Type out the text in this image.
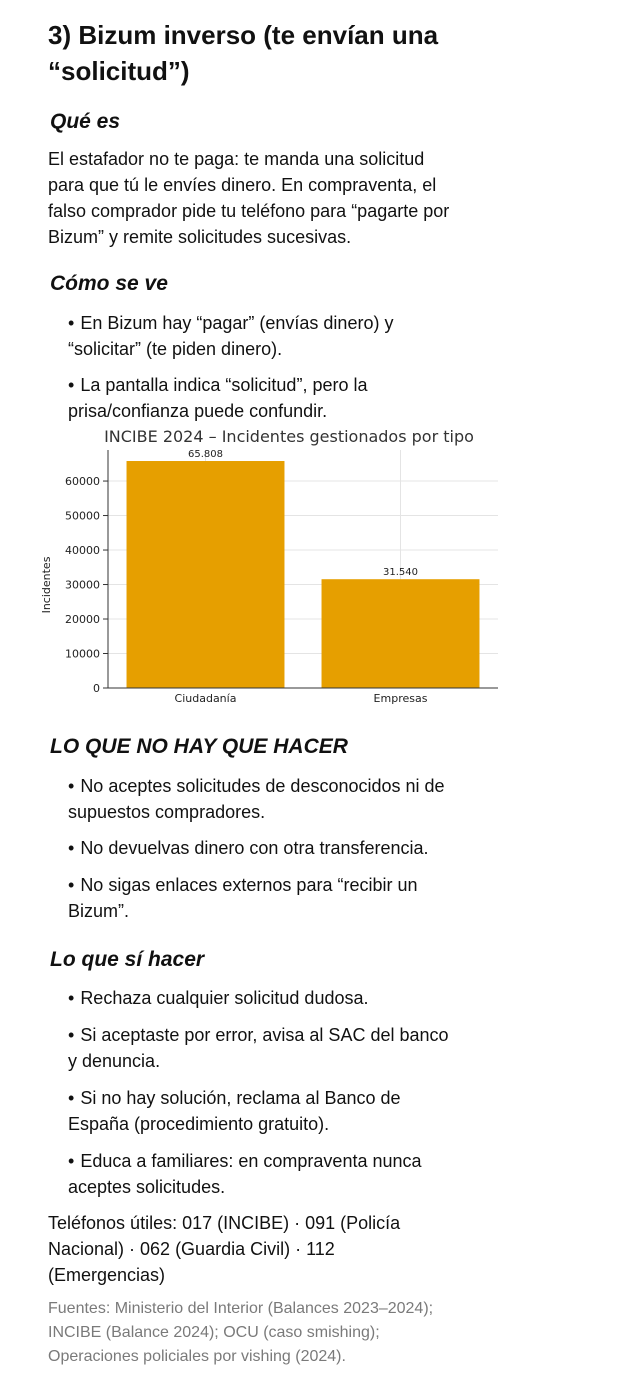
3) Bizum inverso (te envían una
“solicitud”)
Qué es

El estafador no te paga: te manda una solicitud
para que tú le envíes dinero. En compraventa, el
falso comprador pide tu teléfono para “pagarte por
Bizum” y remite solicitudes sucesivas.

Cómo se ve

• En Bizum hay “pagar” (envías dinero) y
“solicitar” (te piden dinero).

• La pantalla indica “solicitud”, pero la
prisa/confianza puede confundir.

INCIBE 2024 – Incidentes gestionados por tipo
0
10000
20000
30000
40000
50000
60000
65.808
Ciudadanía
31.540
Empresas
Incidentes
LO QUE NO HAY QUE HACER

• No aceptes solicitudes de desconocidos ni de
supuestos compradores.

• No devuelvas dinero con otra transferencia.

• No sigas enlaces externos para “recibir un
Bizum”.

Lo que sí hacer

• Rechaza cualquier solicitud dudosa.

• Si aceptaste por error, avisa al SAC del banco
y denuncia.

• Si no hay solución, reclama al Banco de
España (procedimiento gratuito).

• Educa a familiares: en compraventa nunca
aceptes solicitudes.

Teléfonos útiles: 017 (INCIBE) · 091 (Policía
Nacional) · 062 (Guardia Civil) · 112
(Emergencias)

Fuentes: Ministerio del Interior (Balances 2023–2024);
INCIBE (Balance 2024); OCU (caso smishing);
Operaciones policiales por vishing (2024).
